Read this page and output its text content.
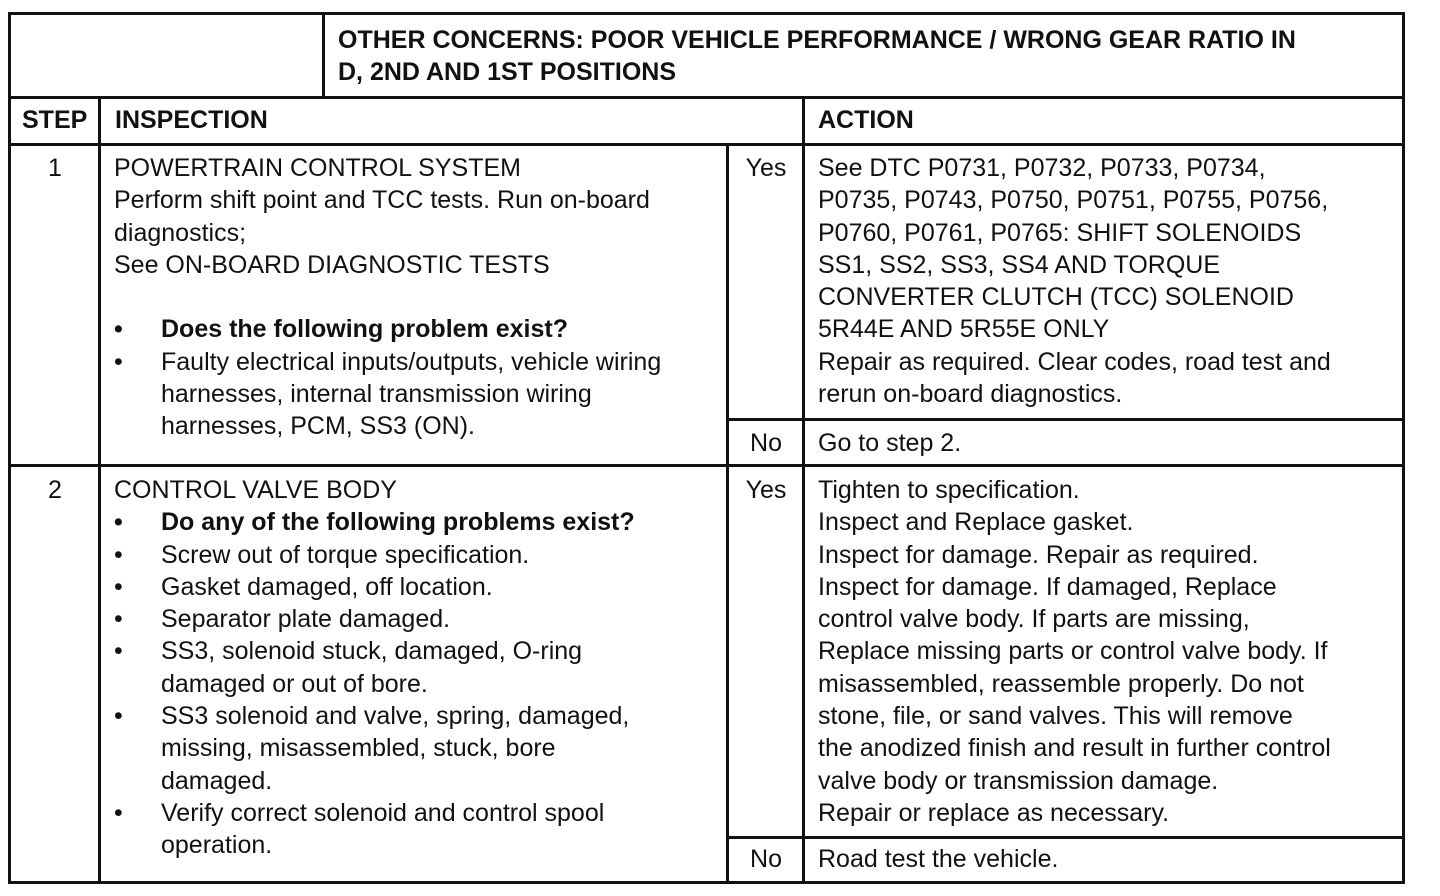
OTHER CONCERNS: POOR VEHICLE PERFORMANCE / WRONG GEAR RATIO IN
D, 2ND AND 1ST POSITIONS
STEP INSPECTION	ACTION
1	POWERTRAIN CONTROL SYSTEM
Perform shift point and TCC tests. Run on-board
diagnostics;
See ON-BOARD DIAGNOSTIC TESTS
• Does the following problem exist?
• Faulty electrical inputs/outputs, vehicle wiring
harnesses, internal transmission wiring
harnesses, PCM, SS3 (ON).
Yes	See DTC P0731, P0732, P0733, P0734,
P0735, P0743, P0750, P0751, P0755, P0756,
P0760, P0761, P0765: SHIFT SOLENOIDS
SS1, SS2, SS3, SS4 AND TORQUE
CONVERTER CLUTCH (TCC) SOLENOID
5R44E AND 5R55E ONLY
Repair as required. Clear codes, road test and
rerun on-board diagnostics.
No	Go to step 2.
2	CONTROL VALVE BODY
• Do any of the following problems exist?
• Screw out of torque specification.
• Gasket damaged, off location.
• Separator plate damaged.
• SS3, solenoid stuck, damaged, O-ring
damaged or out of bore.
• SS3 solenoid and valve, spring, damaged,
missing, misassembled, stuck, bore
damaged.
• Verify correct solenoid and control spool
operation.
Yes	Tighten to specification.
Inspect and Replace gasket.
Inspect for damage. Repair as required.
Inspect for damage. If damaged, Replace
control valve body. If parts are missing,
Replace missing parts or control valve body. If
misassembled, reassemble properly. Do not
stone, file, or sand valves. This will remove
the anodized finish and result in further control
valve body or transmission damage.
Repair or replace as necessary.
No	Road test the vehicle.
